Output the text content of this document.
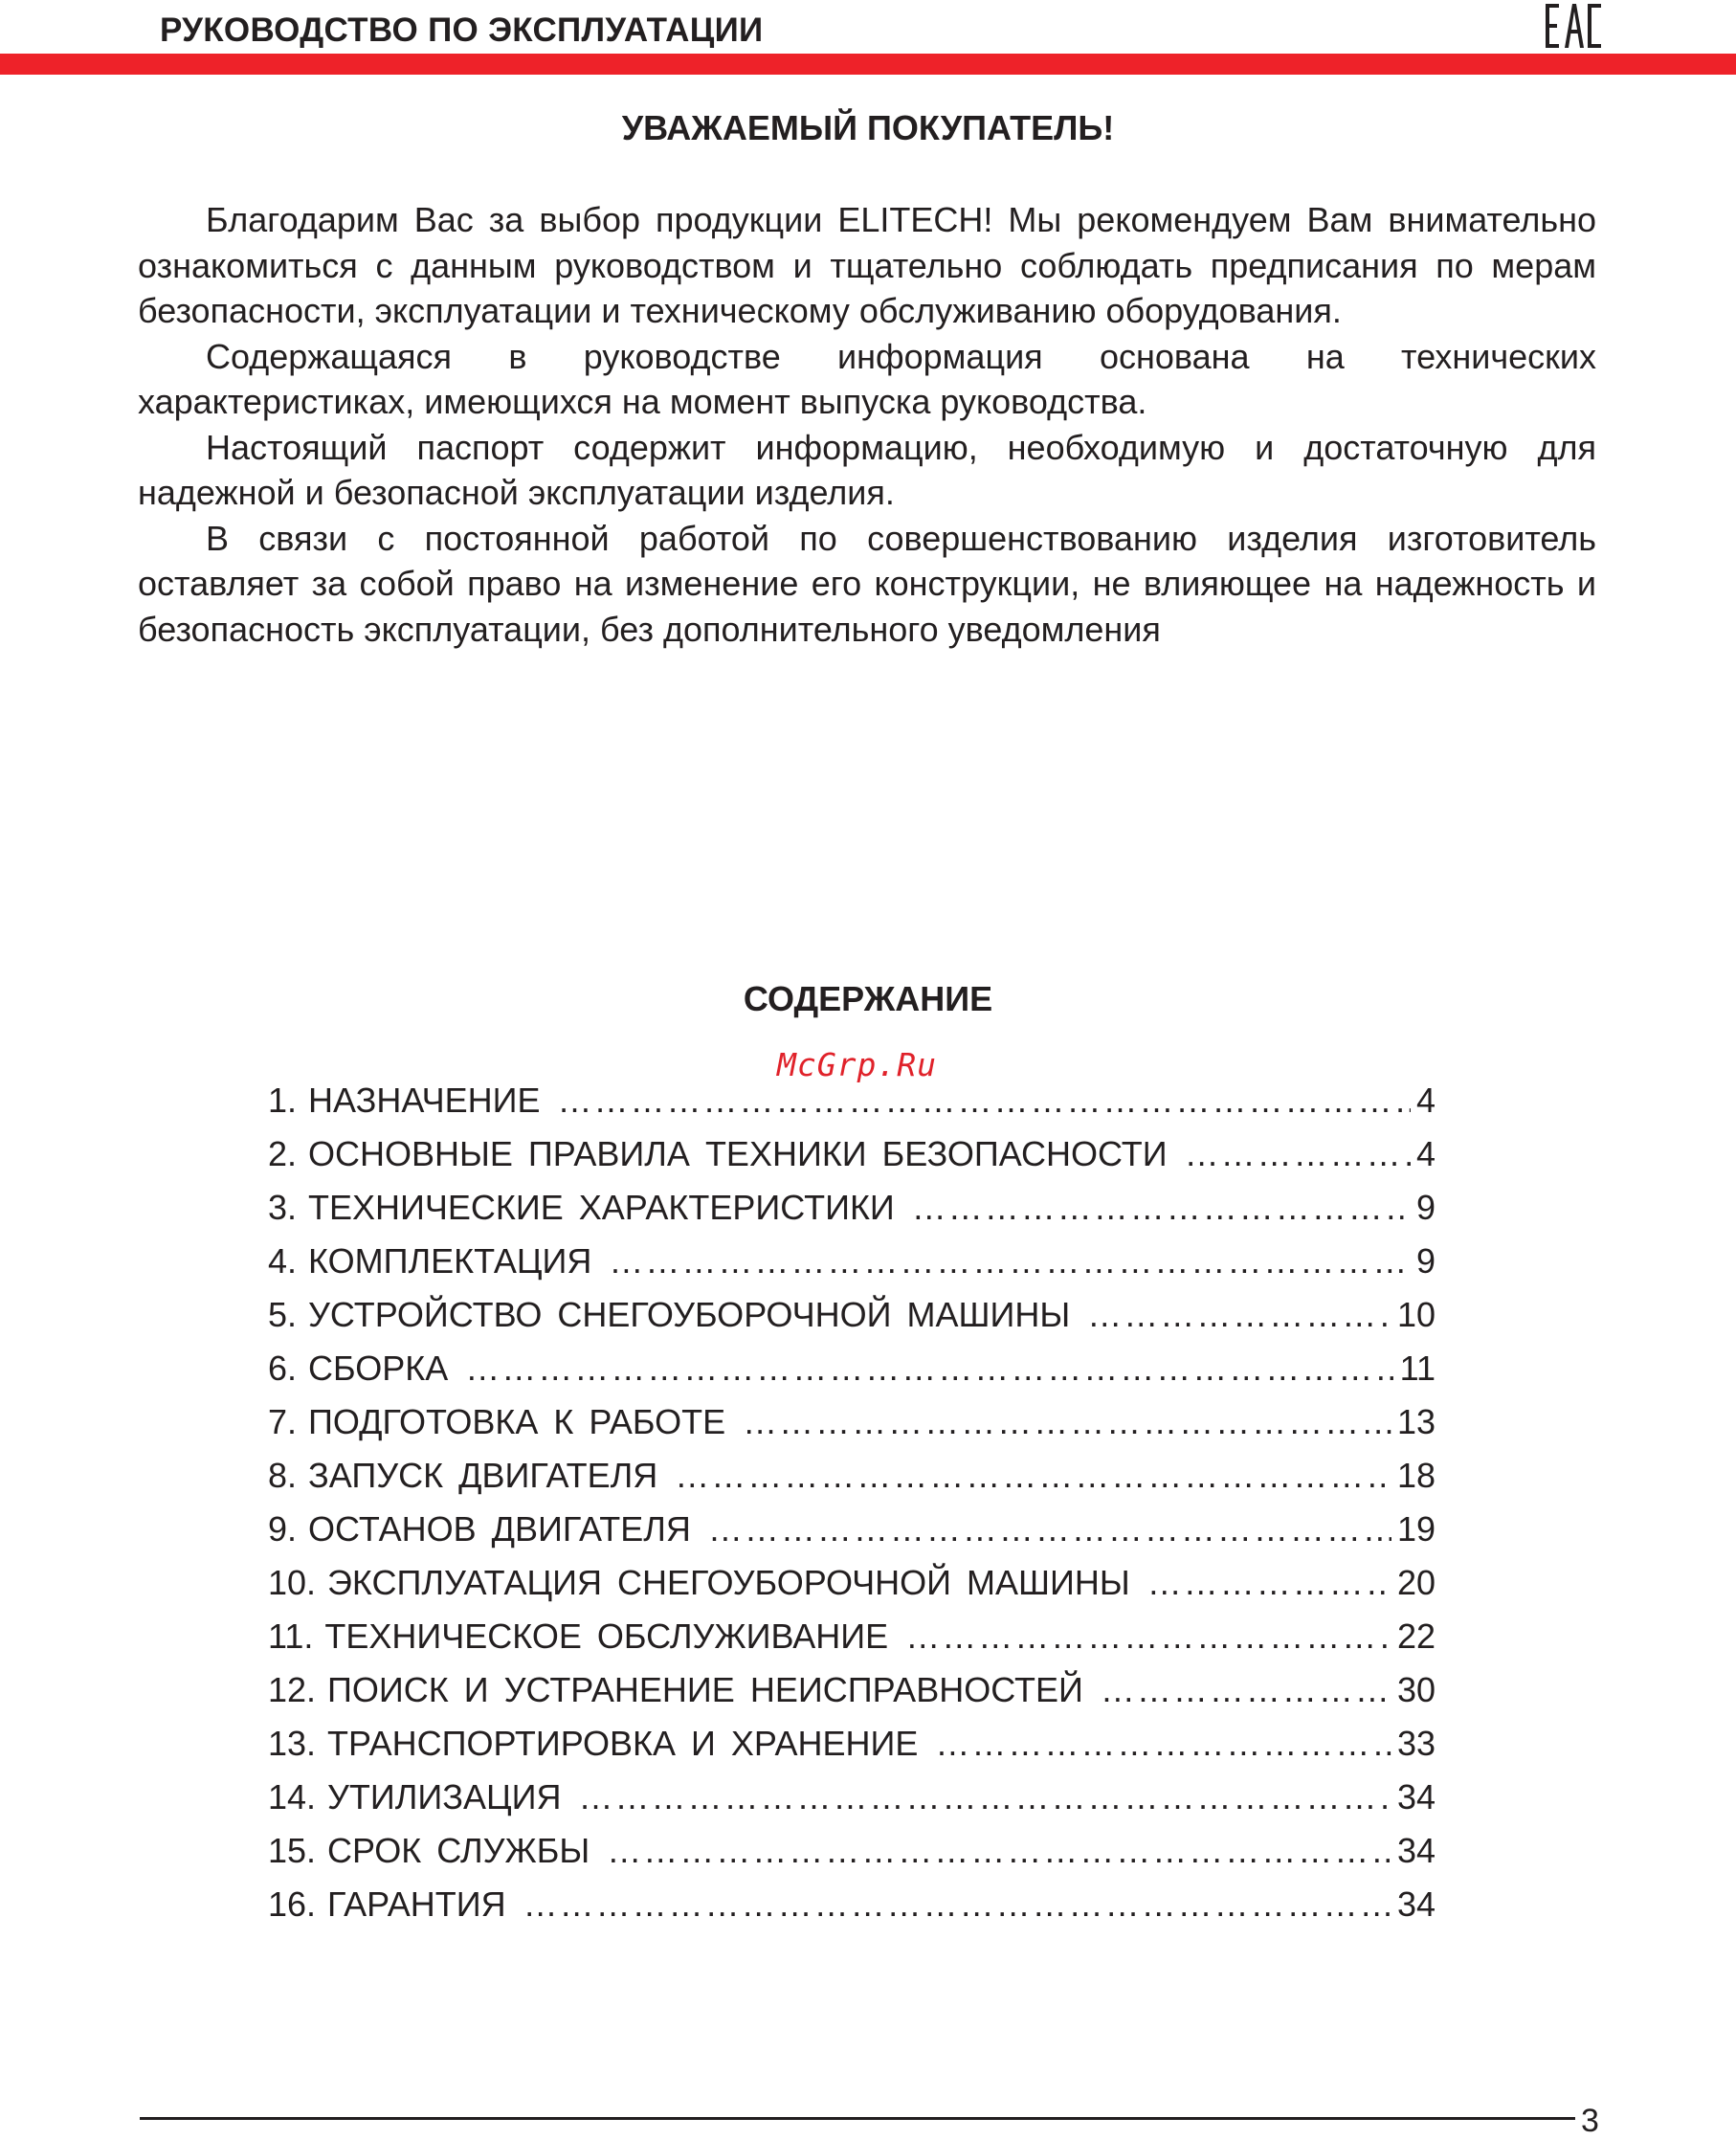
РУКОВОДСТВО ПО ЭКСПЛУАТАЦИИ
УВАЖАЕМЫЙ ПОКУПАТЕЛЬ!

Благодарим Вас за выбор продукции ELITECH! Мы рекомендуем Вам внимательно ознакомиться с данным руководством и тщательно соблюдать предписания по мерам безопасности, эксплуатации и техническому обслуживанию оборудования.

Содержащаяся в руководстве информация основана на технических характеристиках, имеющихся на момент выпуска руководства.

Настоящий паспорт содержит информацию, необходимую и достаточную для надежной и безопасной эксплуатации изделия.

В связи с постоянной работой по совершенствованию изделия изготовитель оставляет за собой право на изменение его конструкции, не влияющее на надежность и безопасность эксплуатации, без дополнительного уведомления

СОДЕРЖАНИЕ
McGrp.Ru
1. НАЗНАЧЕНИЕ ……………………………………………………………………………………………………………………………………………………	4
2. ОСНОВНЫЕ ПРАВИЛА ТЕХНИКИ БЕЗОПАСНОСТИ ……………………………………………………………………………………………………………………………………………………	4
3. ТЕХНИЧЕСКИЕ ХАРАКТЕРИСТИКИ ……………………………………………………………………………………………………………………………………………………	9
4. КОМПЛЕКТАЦИЯ ……………………………………………………………………………………………………………………………………………………	9
5. УСТРОЙСТВО СНЕГОУБОРОЧНОЙ МАШИНЫ ……………………………………………………………………………………………………………………………………………………	10
6. СБОРКА ……………………………………………………………………………………………………………………………………………………	11
7. ПОДГОТОВКА К РАБОТЕ ……………………………………………………………………………………………………………………………………………………	13
8. ЗАПУСК ДВИГАТЕЛЯ ……………………………………………………………………………………………………………………………………………………	18
9. ОСТАНОВ ДВИГАТЕЛЯ ……………………………………………………………………………………………………………………………………………………	19
10. ЭКСПЛУАТАЦИЯ СНЕГОУБОРОЧНОЙ МАШИНЫ ……………………………………………………………………………………………………………………………………………………	20
11. ТЕХНИЧЕСКОЕ ОБСЛУЖИВАНИЕ ……………………………………………………………………………………………………………………………………………………	22
12. ПОИСК И УСТРАНЕНИЕ НЕИСПРАВНОСТЕЙ ……………………………………………………………………………………………………………………………………………………	30
13. ТРАНСПОРТИРОВКА И ХРАНЕНИЕ ……………………………………………………………………………………………………………………………………………………	33
14. УТИЛИЗАЦИЯ ……………………………………………………………………………………………………………………………………………………	34
15. СРОК СЛУЖБЫ ……………………………………………………………………………………………………………………………………………………	34
16. ГАРАНТИЯ ……………………………………………………………………………………………………………………………………………………	34
3
